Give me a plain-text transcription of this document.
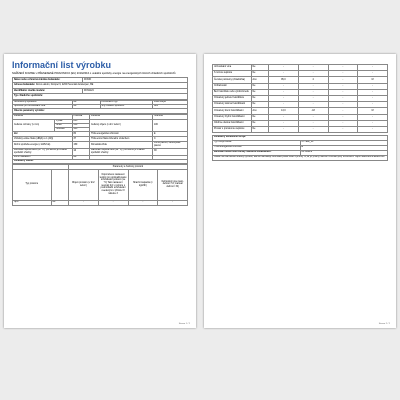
Informační list výrobku
NAŘÍZENÍ KOMISE v PŘENESENÉ PRAVOMOCI (EU) 2019/2016 o uvádění spotřeby energie na energetických štítcích chladicích spotřebičů
Název nebo ochranná známka dodavatele:	DOMO
Adresa dodavatele: Domo elektro, Dompel 9, 2200 Herentals Antwerpen, BE	
Identifikátor značka modelu:	DO91124
Typ chladicího spotřebiče:	
Nízkohlučný spotřebič:	Ne	Konstrukční typ:	volně stojící
Spotřebič pro uchovávání vína:	Ne	Jiný chladicí spotřebič:	Ano
Obecné parametry výrobku:			
Parametr		Hodnota	Parametr	Hodnota
Celkové rozměry (v mm)	Výška	845	Celkový objem (v dm³ nebo l)	106
	Šířka	550		
	Hloubka	583		
EEI		80	Třída energetické účinnosti	E
Vzdušný emise hluku (dB(A) re 1 pW))		37	Třída emisí hluku šířeného vzduchem	C
Roční spotřeba energie (v kWh/rok)		159	Klimatická třída	mírné pásmo, subtropické pásmo
Minimální teplota okolí (ve °C), pro kterou je chladicí spotřebič vhodný		16	Maximální teplota okolí (ve °C), pro kterou je chladicí spotřebič vhodný	38
Zimní nastavení		Ne		
Parametry oddílu:				
		Parametry a hodnoty prostorů			
Typ prostoru		Objem prostoru (v dm³ nebo l)	Doporučené nastavení teploty pro optimalizované uchovávání potravin (ve °C) Tato nastavení nesmějí být v rozporu s podmínkami uchovávání uvedenými v příloze IV tabulce 3	Mrazící kapacita (v kg/24h)	Defrosting type (auto-defrost = A, manual defrost = M)
Spíž	Ne	-	-	-	-
Strana 1 / 2
Uchovávání vína	Ne	-	-	-	-
S mírnou teplotou	Ne	-	-	-	-
Čerstvé potraviny (chladnička)	Ano	95,0	4	-	M
Ochlazování	Ne	-	-	-	-
Bez hvězdiček nebo výrobník ledu	Ne	-	-	-	-
Označený jednou hvězdičkou	Ne	-	-	-	-
Označený dvěma hvězdičkami	Ne	-	-	-	-
Označený třemi hvězdičkami	Ano	13,0	-18	-	M
Označený čtyřmi hvězdičkami	Ne	-	-	-	-
Oddíl se dvěma hvězdičkami	Ne	-	-	-	-
Prostor s proměnnou teplotou	Ne	-	-	-	-
Parametry světelného zdroje:	
Typ zdroje světla	OTHER_FL
Třída energetické účinnosti	E
Minimální doba trvání záruky nabízené dodavatelem:	24 měsíců
Odkaz na internetové stránky výrobce, kde se nacházejí informace podle bodu 4 přílohy IV, ať již přílohy nařízení Komise (EU) 2019/2019: https://www.domo-elektro.be/	
Strana 2 / 2
